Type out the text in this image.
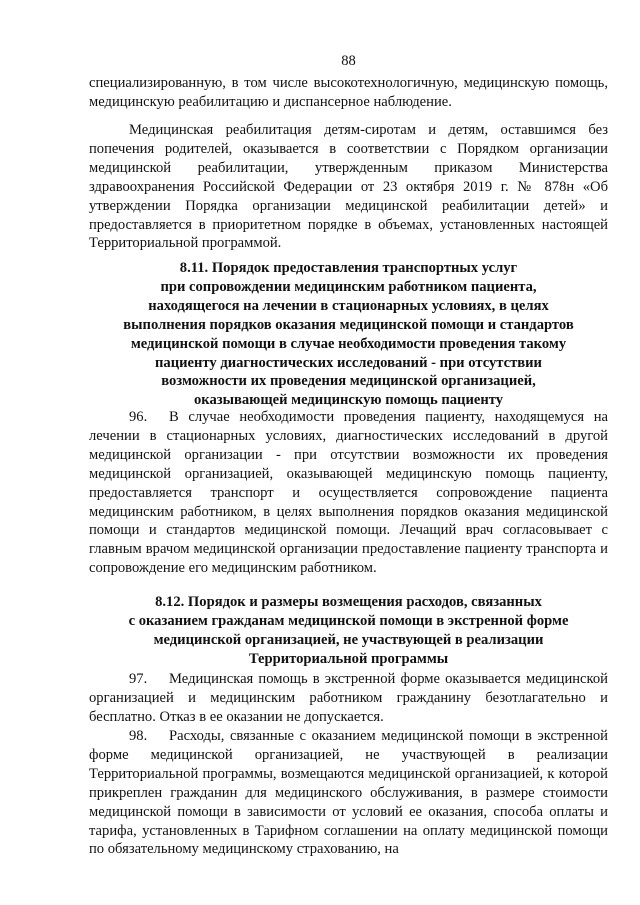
88

специализированную, в том числе высокотехнологичную, медицинскую помощь, медицинскую реабилитацию и диспансерное наблюдение.

Медицинская реабилитация детям-сиротам и детям, оставшимся без попечения родителей, оказывается в соответствии с Порядком организации медицинской реабилитации, утвержденным приказом Министерства здравоохранения Российской Федерации от 23 октября 2019 г. № 878н «Об утверждении Порядка организации медицинской реабилитации детей» и предоставляется в приоритетном порядке в объемах, установленных настоящей Территориальной программой.

8.11. Порядок предоставления транспортных услуг
при сопровождении медицинским работником пациента,
находящегося на лечении в стационарных условиях, в целях
выполнения порядков оказания медицинской помощи и стандартов
медицинской помощи в случае необходимости проведения такому
пациенту диагностических исследований - при отсутствии
возможности их проведения медицинской организацией,
оказывающей медицинскую помощь пациенту

96. В случае необходимости проведения пациенту, находящемуся на лечении в стационарных условиях, диагностических исследований в другой медицинской организации - при отсутствии возможности их проведения медицинской организацией, оказывающей медицинскую помощь пациенту, предоставляется транспорт и осуществляется сопровождение пациента медицинским работником, в целях выполнения порядков оказания медицинской помощи и стандартов медицинской помощи. Лечащий врач согласовывает с главным врачом медицинской организации предоставление пациенту транспорта и сопровождение его медицинским работником.

8.12. Порядок и размеры возмещения расходов, связанных
с оказанием гражданам медицинской помощи в экстренной форме
медицинской организацией, не участвующей в реализации
Территориальной программы

97. Медицинская помощь в экстренной форме оказывается медицинской организацией и медицинским работником гражданину безотлагательно и бесплатно. Отказ в ее оказании не допускается.

98. Расходы, связанные с оказанием медицинской помощи в экстренной форме медицинской организацией, не участвующей в реализации Территориальной программы, возмещаются медицинской организацией, к которой прикреплен гражданин для медицинского обслуживания, в размере стоимости медицинской помощи в зависимости от условий ее оказания, способа оплаты и тарифа, установленных в Тарифном соглашении на оплату медицинской помощи по обязательному медицинскому страхованию, на
